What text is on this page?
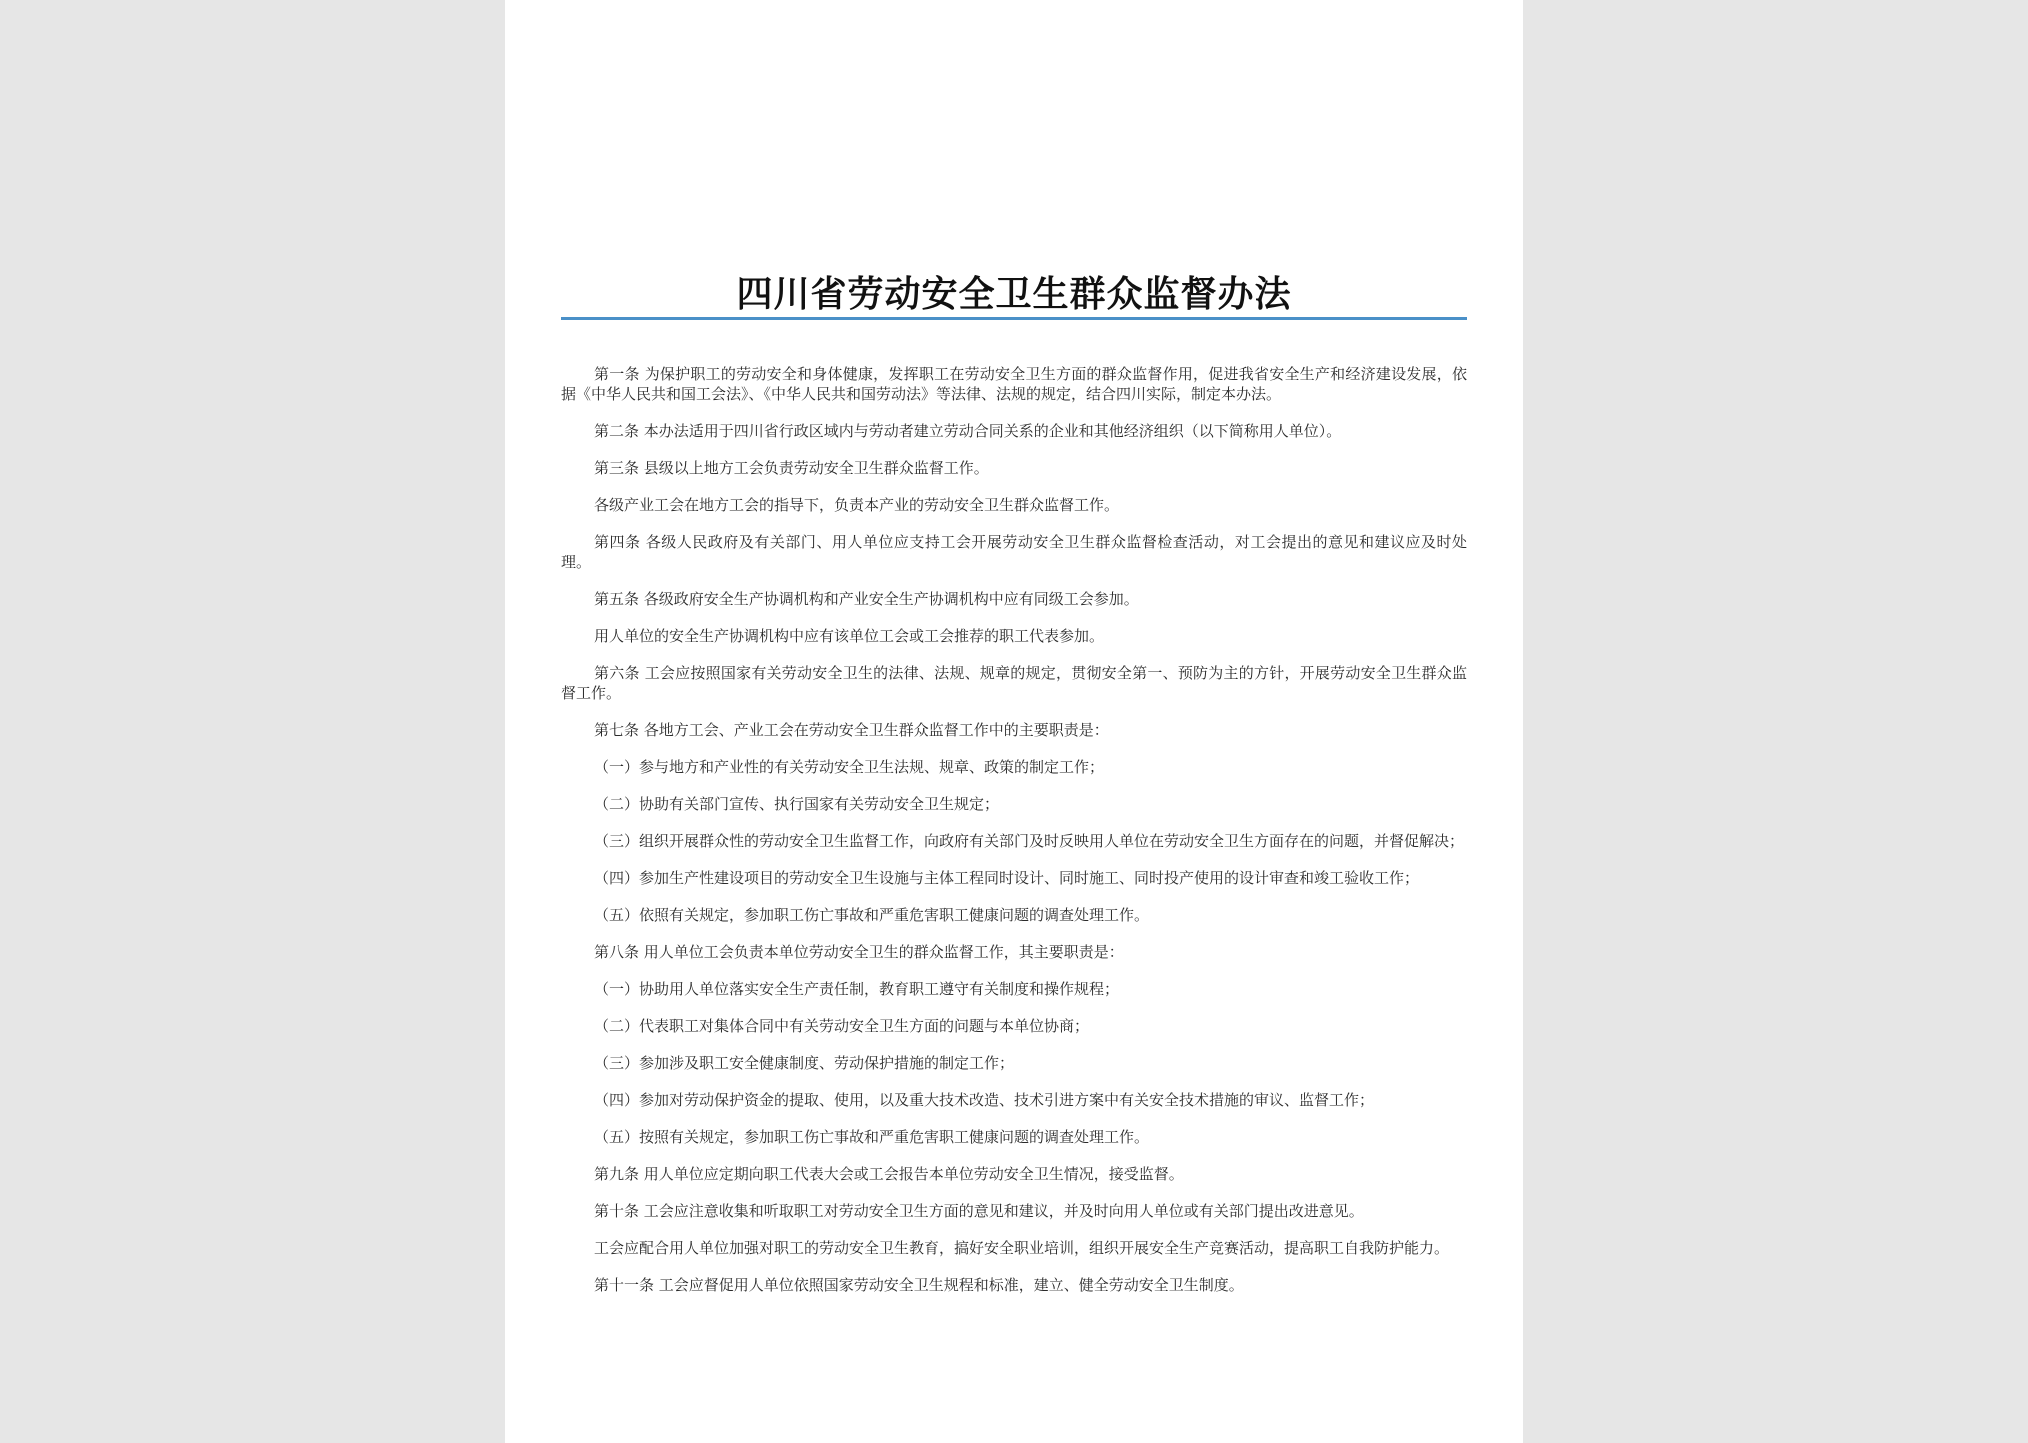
四川省劳动安全卫生群众监督办法

第一条 为保护职工的劳动安全和身体健康，发挥职工在劳动安全卫生方面的群众监督作用，促进我省安全生产和经济建设发展，依据《中华人民共和国工会法》、《中华人民共和国劳动法》等法律、法规的规定，结合四川实际，制定本办法。

第二条 本办法适用于四川省行政区域内与劳动者建立劳动合同关系的企业和其他经济组织（以下简称用人单位）。

第三条 县级以上地方工会负责劳动安全卫生群众监督工作。

各级产业工会在地方工会的指导下，负责本产业的劳动安全卫生群众监督工作。

第四条 各级人民政府及有关部门、用人单位应支持工会开展劳动安全卫生群众监督检查活动，对工会提出的意见和建议应及时处理。

第五条 各级政府安全生产协调机构和产业安全生产协调机构中应有同级工会参加。

用人单位的安全生产协调机构中应有该单位工会或工会推荐的职工代表参加。

第六条 工会应按照国家有关劳动安全卫生的法律、法规、规章的规定，贯彻安全第一、预防为主的方针，开展劳动安全卫生群众监督工作。

第七条 各地方工会、产业工会在劳动安全卫生群众监督工作中的主要职责是：

（一）参与地方和产业性的有关劳动安全卫生法规、规章、政策的制定工作；

（二）协助有关部门宣传、执行国家有关劳动安全卫生规定；

（三）组织开展群众性的劳动安全卫生监督工作，向政府有关部门及时反映用人单位在劳动安全卫生方面存在的问题，并督促解决；

（四）参加生产性建设项目的劳动安全卫生设施与主体工程同时设计、同时施工、同时投产使用的设计审查和竣工验收工作；

（五）依照有关规定，参加职工伤亡事故和严重危害职工健康问题的调查处理工作。

第八条 用人单位工会负责本单位劳动安全卫生的群众监督工作，其主要职责是：

（一）协助用人单位落实安全生产责任制，教育职工遵守有关制度和操作规程；

（二）代表职工对集体合同中有关劳动安全卫生方面的问题与本单位协商；

（三）参加涉及职工安全健康制度、劳动保护措施的制定工作；

（四）参加对劳动保护资金的提取、使用，以及重大技术改造、技术引进方案中有关安全技术措施的审议、监督工作；

（五）按照有关规定，参加职工伤亡事故和严重危害职工健康问题的调查处理工作。

第九条 用人单位应定期向职工代表大会或工会报告本单位劳动安全卫生情况，接受监督。

第十条 工会应注意收集和听取职工对劳动安全卫生方面的意见和建议，并及时向用人单位或有关部门提出改进意见。

工会应配合用人单位加强对职工的劳动安全卫生教育，搞好安全职业培训，组织开展安全生产竞赛活动，提高职工自我防护能力。

第十一条 工会应督促用人单位依照国家劳动安全卫生规程和标准，建立、健全劳动安全卫生制度。
